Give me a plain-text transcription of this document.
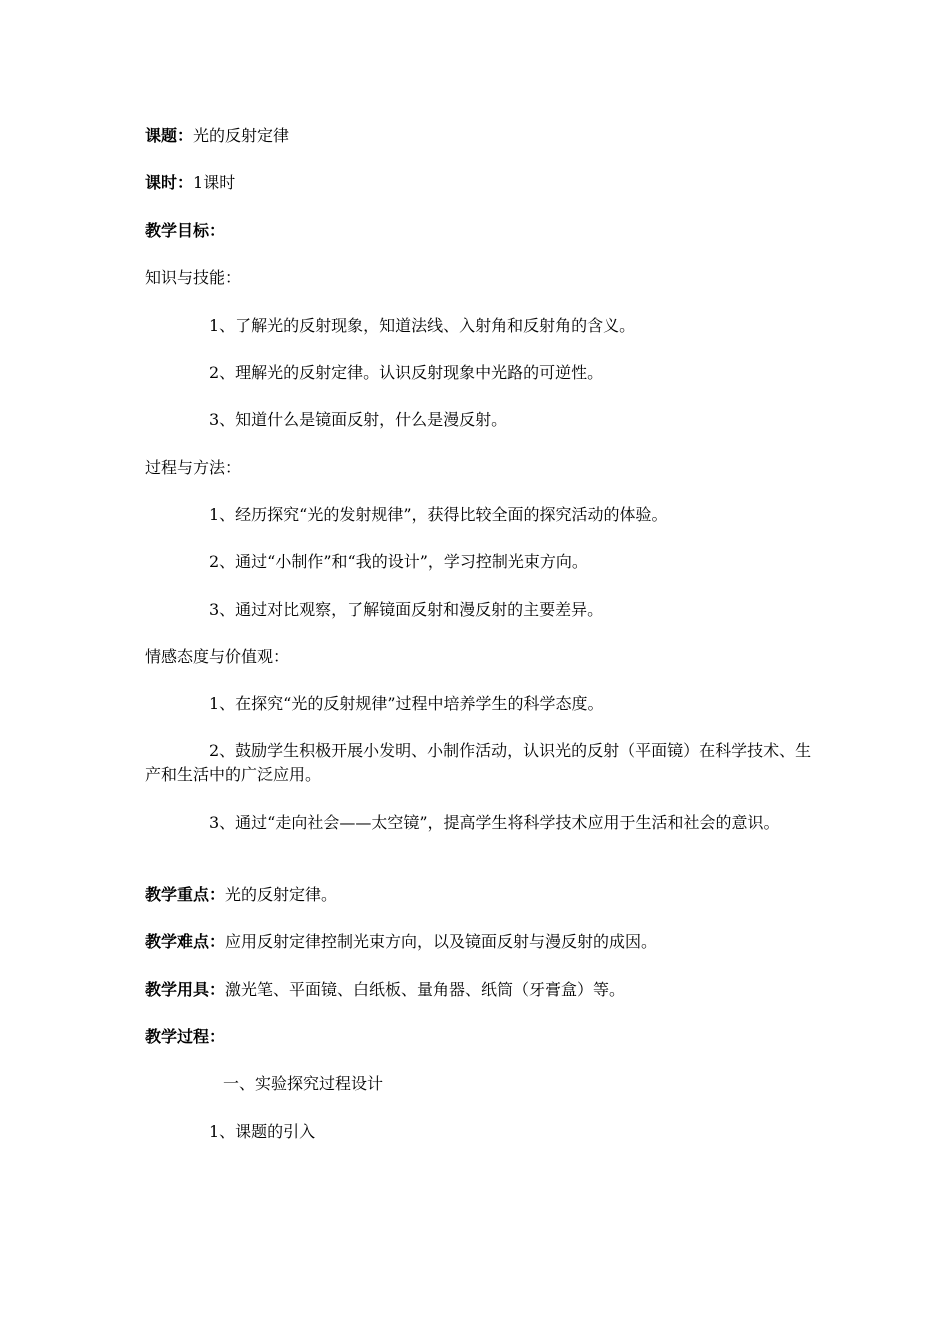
课题：光的反射定律
课时：1课时
教学目标：
知识与技能：
1、了解光的反射现象，知道法线、入射角和反射角的含义。
2、理解光的反射定律。认识反射现象中光路的可逆性。
3、知道什么是镜面反射，什么是漫反射。
过程与方法：
1、经历探究“光的发射规律”，获得比较全面的探究活动的体验。
2、通过“小制作”和“我的设计”，学习控制光束方向。
3、通过对比观察，了解镜面反射和漫反射的主要差异。
情感态度与价值观：
1、在探究“光的反射规律”过程中培养学生的科学态度。
2、鼓励学生积极开展小发明、小制作活动，认识光的反射（平面镜）在科学技术、生产和生活中的广泛应用。
3、通过“走向社会——太空镜”，提高学生将科学技术应用于生活和社会的意识。
教学重点：光的反射定律。
教学难点：应用反射定律控制光束方向，以及镜面反射与漫反射的成因。
教学用具：激光笔、平面镜、白纸板、量角器、纸筒（牙膏盒）等。
教学过程：
一、实验探究过程设计
1、课题的引入
